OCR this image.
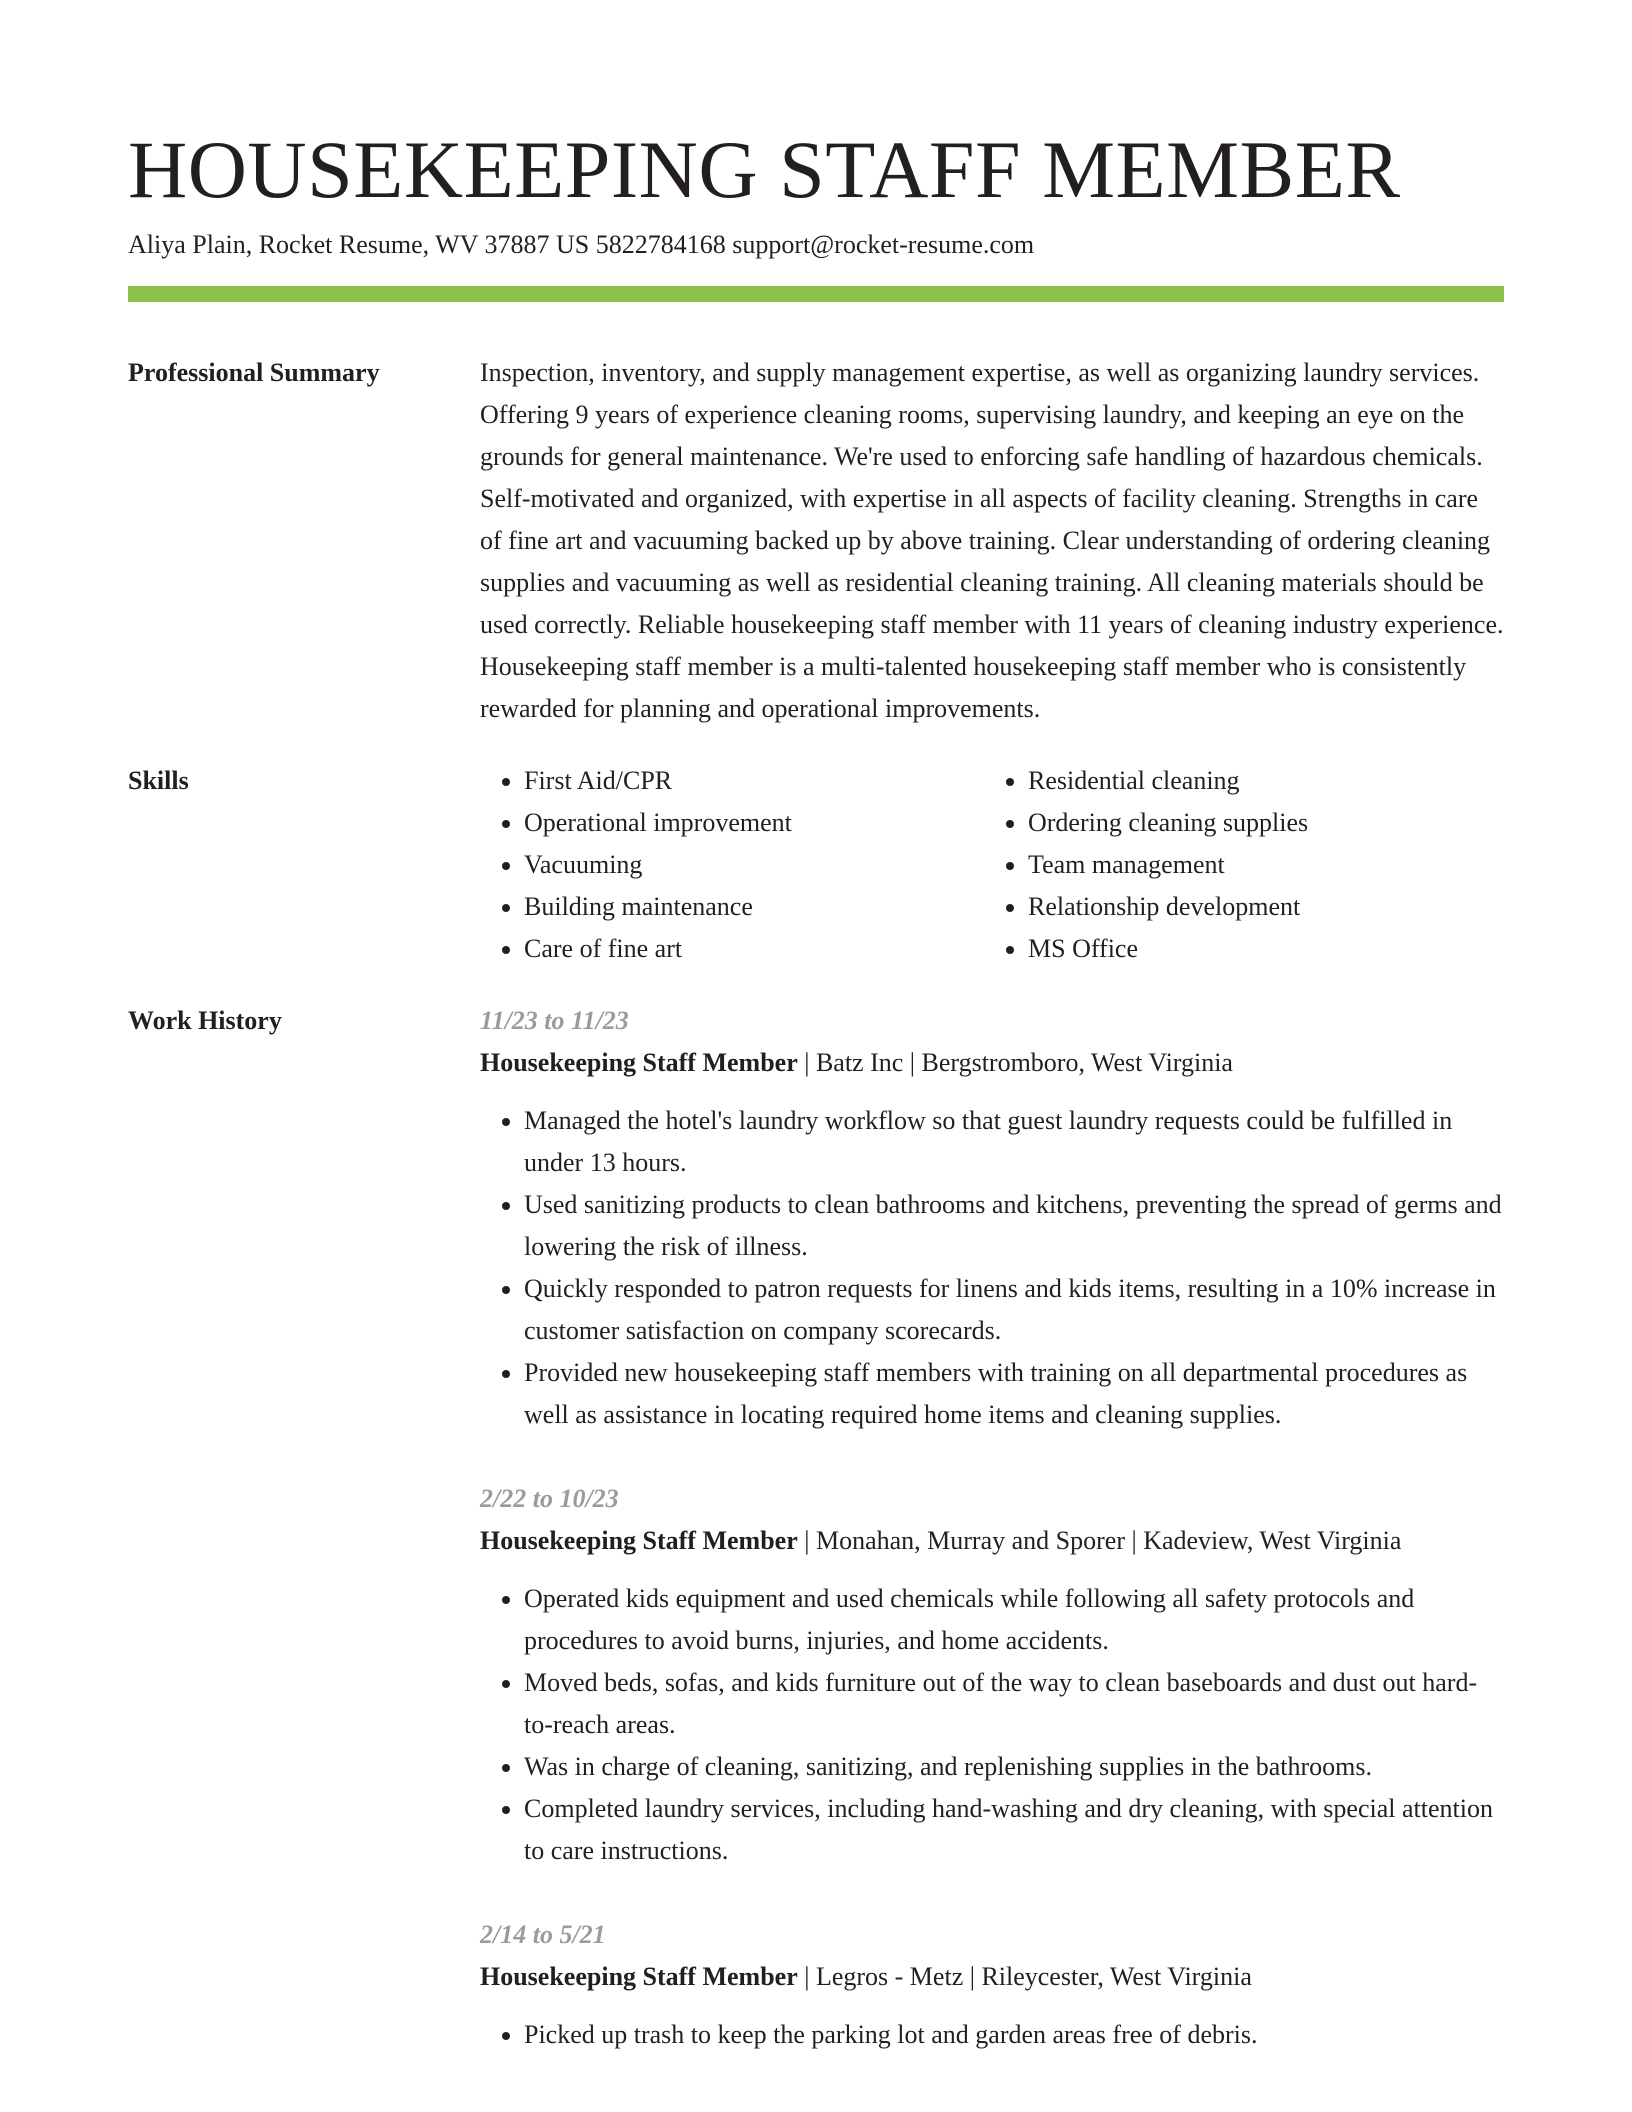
HOUSEKEEPING STAFF MEMBER
Aliya Plain, Rocket Resume, WV 37887 US 5822784168 support@rocket-resume.com
Professional Summary	Inspection, inventory, and supply management expertise, as well as organizing laundry services. Offering 9 years of experience cleaning rooms, supervising laundry, and keeping an eye on the grounds for general maintenance. We're used to enforcing safe handling of hazardous chemicals. Self-motivated and organized, with expertise in all aspects of facility cleaning. Strengths in care of fine art and vacuuming backed up by above training. Clear understanding of ordering cleaning supplies and vacuuming as well as residential cleaning training. All cleaning materials should be used correctly. Reliable housekeeping staff member with 11 years of cleaning industry experience. Housekeeping staff member is a multi-talented housekeeping staff member who is consistently rewarded for planning and operational improvements.

Skills
•	First Aid/CPR
• Operational improvement
• Vacuuming
• Building maintenance
• Care of fine art
• Residential cleaning
• Ordering cleaning supplies
• Team management
• Relationship development
• MS Office
Work History	11/23 to 11/23
Housekeeping Staff Member | Batz Inc | Bergstromboro, West Virginia
• Managed the hotel's laundry workflow so that guest laundry requests could be fulfilled in under 13 hours.
• Used sanitizing products to clean bathrooms and kitchens, preventing the spread of germs and lowering the risk of illness.
• Quickly responded to patron requests for linens and kids items, resulting in a 10% increase in customer satisfaction on company scorecards.
• Provided new housekeeping staff members with training on all departmental procedures as well as assistance in locating required home items and cleaning supplies.
2/22 to 10/23
Housekeeping Staff Member | Monahan, Murray and Sporer | Kadeview, West Virginia
• Operated kids equipment and used chemicals while following all safety protocols and procedures to avoid burns, injuries, and home accidents.
• Moved beds, sofas, and kids furniture out of the way to clean baseboards and dust out hard-to-reach areas.
• Was in charge of cleaning, sanitizing, and replenishing supplies in the bathrooms.
• Completed laundry services, including hand-washing and dry cleaning, with special attention to care instructions.
2/14 to 5/21
Housekeeping Staff Member | Legros - Metz | Rileycester, West Virginia
• Picked up trash to keep the parking lot and garden areas free of debris.
